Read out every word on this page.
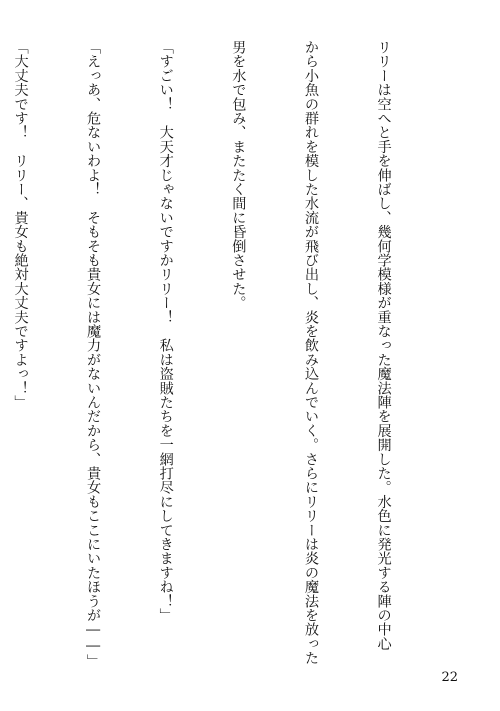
リリーは空へと手を伸ばし、幾何学模様が重なった魔法陣を展開した。水色に発光する陣の中心

から小魚の群れを模した水流が飛び出し、炎を飲み込んでいく。さらにリリーは炎の魔法を放った

男を水で包み、またたく間に昏倒させた。

「すごい！　大天才じゃないですかリリー！　私は盗賊たちを一網打尽にしてきますね！」

「えっあ、危ないわよ！　そもそも貴女には魔力がないんだから、貴女もここにいたほうが――」

「大丈夫です！　リリー、貴女も絶対大丈夫ですよっ！」

22
